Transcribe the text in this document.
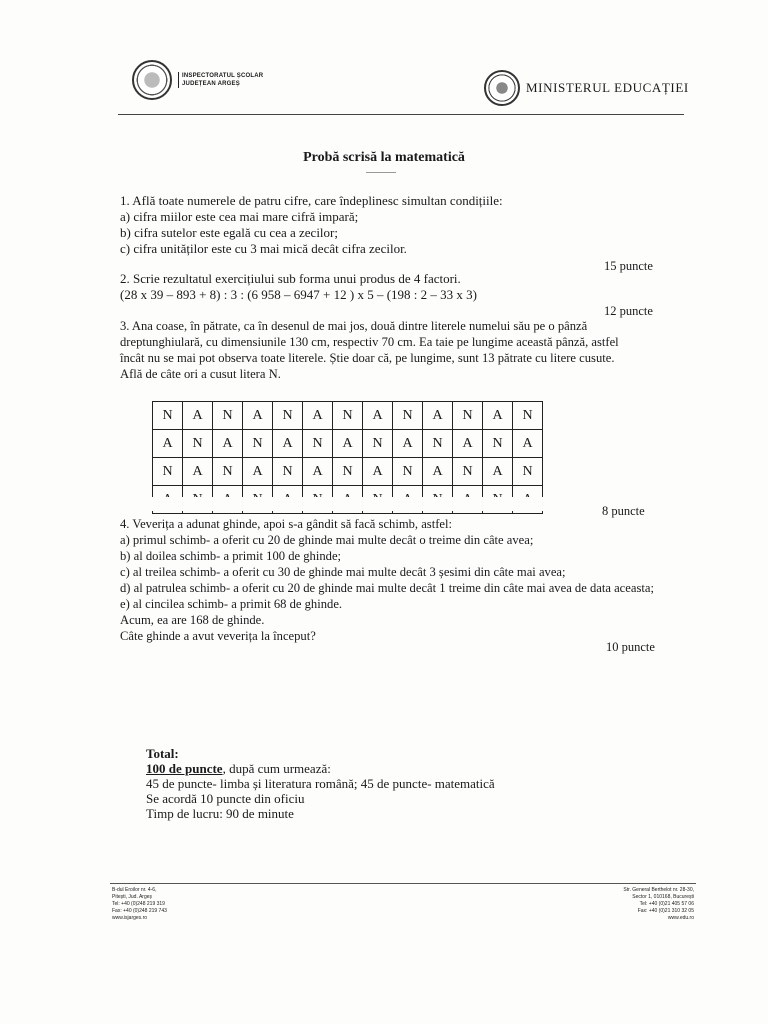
INSPECTORATUL ȘCOLAR
JUDEȚEAN ARGEȘ	MINISTERUL EDUCAȚIEI
Probă scrisă la matematică
1. Află toate numerele de patru cifre, care îndeplinesc simultan condițiile:
a) cifra miilor este cea mai mare cifră impară;
b) cifra sutelor este egală cu cea a zecilor;
c) cifra unităților este cu 3 mai mică decât cifra zecilor.
15 puncte
2. Scrie rezultatul exercițiului sub forma unui produs de 4 factori.
(28 x 39 – 893 + 8) : 3 : (6 958 – 6947 + 12 ) x 5 – (198 : 2 – 33 x 3)
12 puncte
3. Ana coase, în pătrate, ca în desenul de mai jos, două dintre literele numelui său pe o pânză
dreptunghiulară, cu dimensiunile 130 cm, respectiv 70 cm. Ea taie pe lungime această pânză, astfel
încât nu se mai pot observa toate literele. Știe doar că, pe lungime, sunt 13 pătrate cu litere cusute.
Află de câte ori a cusut litera N.
N	A	N	A	N	A	N	A	N	A	N	A	N
A	N	A	N	A	N	A	N	A	N	A	N	A
N	A	N	A	N	A	N	A	N	A	N	A	N

8 puncte
4. Veverița a adunat ghinde, apoi s-a gândit să facă schimb, astfel:
a) primul schimb- a oferit cu 20 de ghinde mai multe decât o treime din câte avea;
b) al doilea schimb- a primit 100 de ghinde;
c) al treilea schimb- a oferit cu 30 de ghinde mai multe decât 3 șesimi din câte mai avea;
d) al patrulea schimb- a oferit cu 20 de ghinde mai multe decât 1 treime din câte mai avea de data aceasta;
e) al cincilea schimb- a primit 68 de ghinde.
Acum, ea are 168 de ghinde.
Câte ghinde a avut veverița la început?
10 puncte
Total:
100 de puncte, după cum urmează:
45 de puncte- limba și literatura română; 45 de puncte- matematică
Se acordă 10 puncte din oficiu
Timp de lucru: 90 de minute
B-dul Eroilor nr. 4-6,
Pitești, Jud. Argeș
Tel: +40 (0)248 219 319
Fax: +40 (0)248 219 743
www.isjarges.ro
Str. General Berthelot nr. 28-30,
Sector 1, 010168, București
Tel: +40 (0)21 405 57 06
Fax: +40 (0)21 310 32 05
www.edu.ro
